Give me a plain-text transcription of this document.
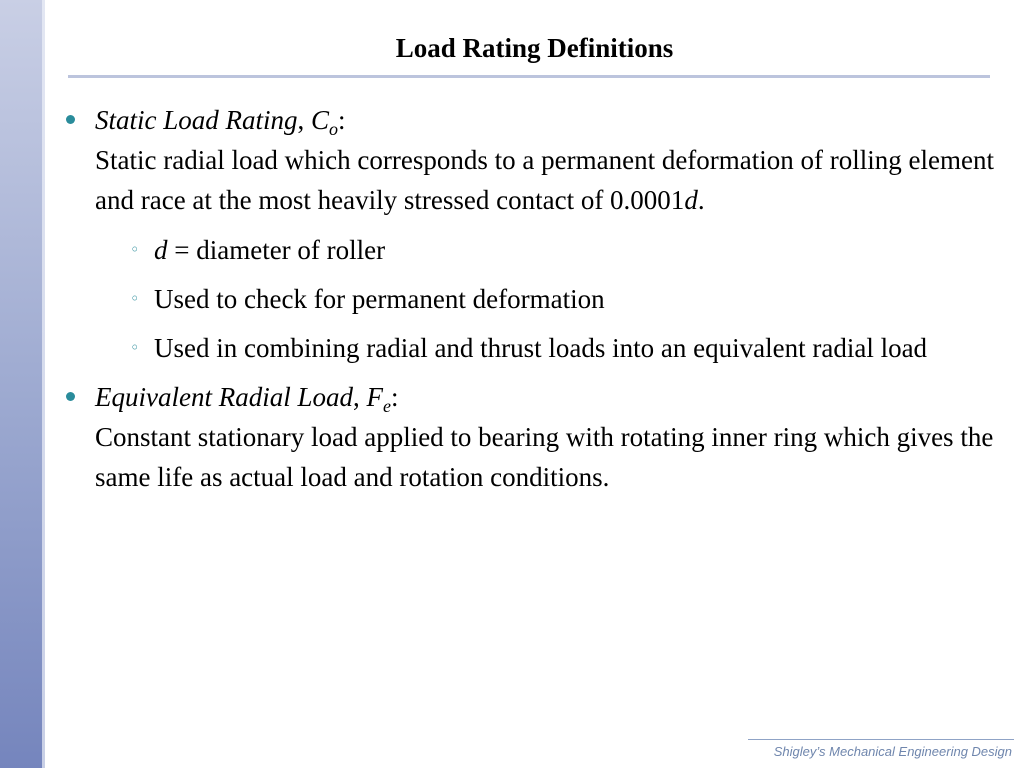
Load Rating Definitions
Static Load Rating, $C_o$:
Static radial load which corresponds to a permanent deformation of rolling element and race at the most heavily stressed contact of 0.0001d.
◦ d = diameter of roller
◦ Used to check for permanent deformation
◦ Used in combining radial and thrust loads into an equivalent radial load
Equivalent Radial Load, $F_e$:
Constant stationary load applied to bearing with rotating inner ring which gives the same life as actual load and rotation conditions.
Shigley’s Mechanical Engineering Design
